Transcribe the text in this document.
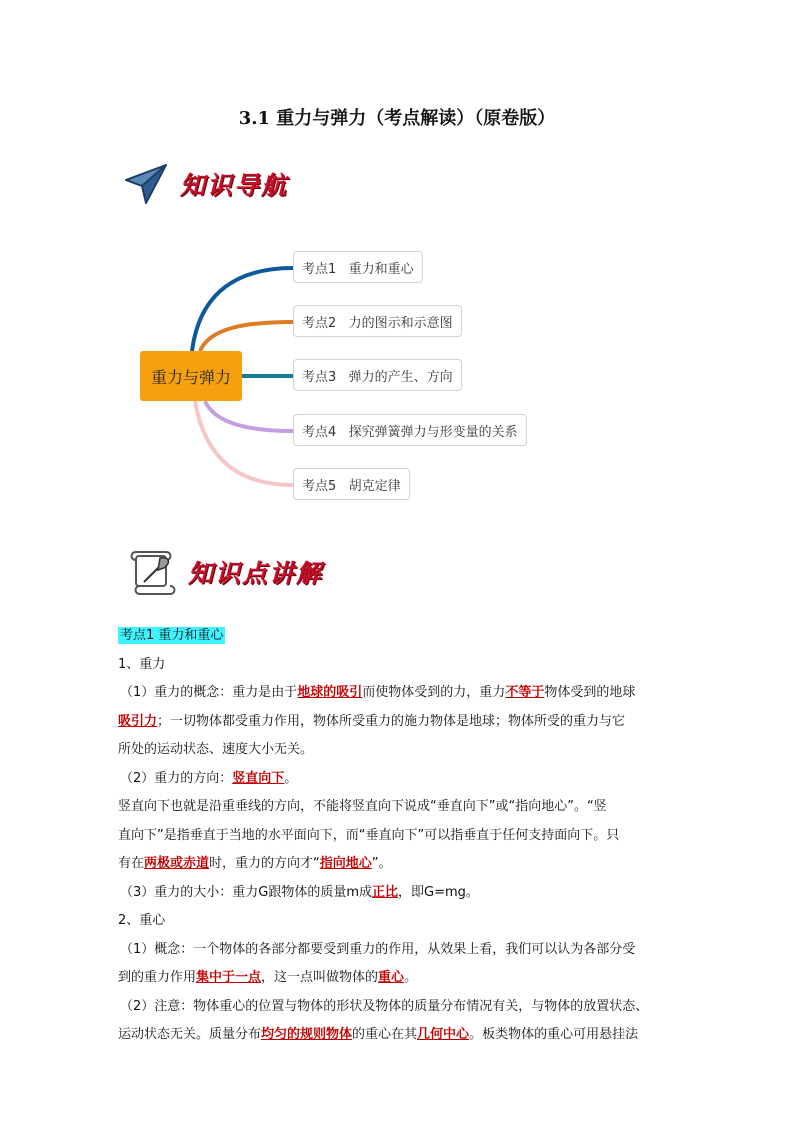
3.1 重力与弹力（考点解读）（原卷版）
知识导航
重力与弹力
考点1   重力和重心
考点2   力的图示和示意图
考点3   弹力的产生、方向
考点4   探究弹簧弹力与形变量的关系
考点5   胡克定律
知识点讲解

考点1 重力和重心

1、重力

（1）重力的概念：重力是由于地球的吸引而使物体受到的力，重力不等于物体受到的地球

吸引力；一切物体都受重力作用，物体所受重力的施力物体是地球；物体所受的重力与它

所处的运动状态、速度大小无关。

（2）重力的方向：竖直向下。

竖直向下也就是沿重垂线的方向，不能将竖直向下说成“垂直向下”或“指向地心”。“竖

直向下”是指垂直于当地的水平面向下，而“垂直向下”可以指垂直于任何支持面向下。只

有在两极或赤道时，重力的方向才“指向地心”。

（3）重力的大小：重力G跟物体的质量m成正比，即G=mg。

2、重心

（1）概念：一个物体的各部分都要受到重力的作用，从效果上看，我们可以认为各部分受

到的重力作用集中于一点，这一点叫做物体的重心。

（2）注意：物体重心的位置与物体的形状及物体的质量分布情况有关，与物体的放置状态、

运动状态无关。质量分布均匀的规则物体的重心在其几何中心。板类物体的重心可用悬挂法
